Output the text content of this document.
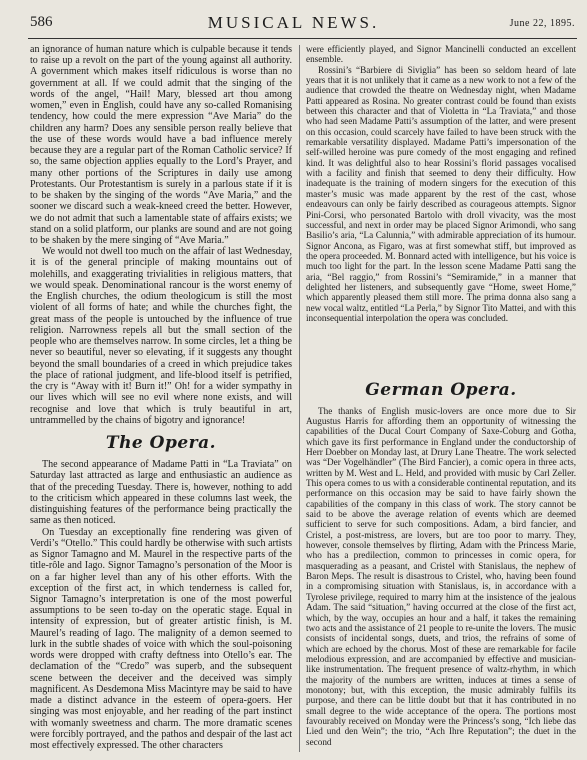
586	MUSICAL NEWS.	June 22, 1895.

an ignorance of human nature which is culpable because it tends to raise up a revolt on the part of the young against all authority. A government which makes itself ridiculous is worse than no government at all. If we could admit that the singing of the words of the angel, “Hail! Mary, blessed art thou among women,” even in English, could have any so-called Romanising tendency, how could the mere expression “Ave Maria” do the children any harm? Does any sensible person really believe that the use of these words would have a bad influence merely because they are a regular part of the Roman Catholic service? If so, the same objection applies equally to the Lord’s Prayer, and many other portions of the Scriptures in daily use among Protestants. Our Protestantism is surely in a parlous state if it is to be shaken by the singing of the words “Ave Maria,” and the sooner we discard such a weak-kneed creed the better. However, we do not admit that such a lamentable state of affairs exists; we stand on a solid platform, our planks are sound and are not going to be shaken by the mere singing of “Ave Maria.”

We would not dwell too much on the affair of last Wednesday, it is of the general principle of making mountains out of molehills, and exaggerating trivialities in religious matters, that we would speak. Denominational rancour is the worst enemy of the English churches, the odium theologicum is still the most violent of all forms of hate; and while the churches fight, the great mass of the people is untouched by the influence of true religion. Narrowness repels all but the small section of the people who are themselves narrow. In some circles, let a thing be never so beautiful, never so elevating, if it suggests any thought beyond the small boundaries of a creed in which prejudice takes the place of rational judgment, and life-blood itself is petrified, the cry is “Away with it! Burn it!” Oh! for a wider sympathy in our lives which will see no evil where none exists, and will recognise and love that which is truly beautiful in art, untrammelled by the chains of bigotry and ignorance!

The Opera.

The second appearance of Madame Patti in “La Traviata” on Saturday last attracted as large and enthusiastic an audience as that of the preceding Tuesday. There is, however, nothing to add to the criticism which appeared in these columns last week, the distinguishing features of the performance being practically the same as then noticed.

On Tuesday an exceptionally fine rendering was given of Verdi’s “Otello.” This could hardly be otherwise with such artists as Signor Tamagno and M. Maurel in the respective parts of the title-rôle and Iago. Signor Tamagno’s personation of the Moor is on a far higher level than any of his other efforts. With the exception of the first act, in which tenderness is called for, Signor Tamagno’s interpretation is one of the most powerful assumptions to be seen to-day on the operatic stage. Equal in intensity of expression, but of greater artistic finish, is M. Maurel’s reading of Iago. The malignity of a demon seemed to lurk in the subtle shades of voice with which the soul-poisoning words were dropped with crafty deftness into Otello’s ear. The declamation of the “Credo” was superb, and the subsequent scene between the deceiver and the deceived was simply magnificent. As Desdemona Miss Macintyre may be said to have made a distinct advance in the esteem of opera-goers. Her singing was most enjoyable, and her reading of the part instinct with womanly sweetness and charm. The more dramatic scenes were forcibly portrayed, and the pathos and despair of the last act most effectively expressed. The other characters

were efficiently played, and Signor Mancinelli conducted an excellent ensemble.

Rossini’s “Barbiere di Siviglia” has been so seldom heard of late years that it is not unlikely that it came as a new work to not a few of the audience that crowded the theatre on Wednesday night, when Madame Patti appeared as Rosina. No greater contrast could be found than exists between this character and that of Violetta in “La Traviata,” and those who had seen Madame Patti’s assumption of the latter, and were present on this occasion, could scarcely have failed to have been struck with the remarkable versatility displayed. Madame Patti’s impersonation of the self-willed heroine was pure comedy of the most engaging and refined kind. It was delightful also to hear Rossini’s florid passages vocalised with a facility and finish that seemed to deny their difficulty. How inadequate is the training of modern singers for the execution of this master’s music was made apparent by the rest of the cast, whose endeavours can only be fairly described as courageous attempts. Signor Pini-Corsi, who personated Bartolo with droll vivacity, was the most successful, and next in order may be placed Signor Arimondi, who sang Basilio’s aria, “La Calunnia,” with admirable appreciation of its humour. Signor Ancona, as Figaro, was at first somewhat stiff, but improved as the opera proceeded. M. Bonnard acted with intelligence, but his voice is much too light for the part. In the lesson scene Madame Patti sang the aria, “Bel raggio,” from Rossini’s “Semiramide,” in a manner that delighted her listeners, and subsequently gave “Home, sweet Home,” which apparently pleased them still more. The prima donna also sang a new vocal waltz, entitled “La Perla,” by Signor Tito Mattei, and with this inconsequential interpolation the opera was concluded.

German Opera.

The thanks of English music-lovers are once more due to Sir Augustus Harris for affording them an opportunity of witnessing the capabilities of the Ducal Court Company of Saxe-Coburg and Gotha, which gave its first performance in England under the conductorship of Herr Doebber on Monday last, at Drury Lane Theatre. The work selected was “Der Vogelhändler” (The Bird Fancier), a comic opera in three acts, written by M. West and L. Held, and provided with music by Carl Zeller. This opera comes to us with a considerable continental reputation, and its performance on this occasion may be said to have fairly shown the capabilities of the company in this class of work. The story cannot be said to be above the average relation of events which are deemed sufficient to serve for such compositions. Adam, a bird fancier, and Cristel, a post-mistress, are lovers, but are too poor to marry. They, however, console themselves by flirting, Adam with the Princess Marie, who has a predilection, common to princesses in comic opera, for masquerading as a peasant, and Cristel with Stanislaus, the nephew of Baron Meps. The result is disastrous to Cristel, who, having been found in a compromising situation with Stanislaus, is, in accordance with a Tyrolese privilege, required to marry him at the insistence of the jealous Adam. The said “situation,” having occurred at the close of the first act, which, by the way, occupies an hour and a half, it takes the remaining two acts and the assistance of 21 people to re-unite the lovers. The music consists of incidental songs, duets, and trios, the refrains of some of which are echoed by the chorus. Most of these are remarkable for facile melodious expression, and are accompanied by effective and musician-like instrumentation. The frequent presence of waltz-rhythm, in which the majority of the numbers are written, induces at times a sense of monotony; but, with this exception, the music admirably fulfils its purpose, and there can be little doubt but that it has contributed in no small degree to the wide acceptance of the opera. The portions most favourably received on Monday were the Princess’s song, “Ich liebe das Lied und den Wein”; the trio, “Ach Ihre Reputation”; the duet in the second
